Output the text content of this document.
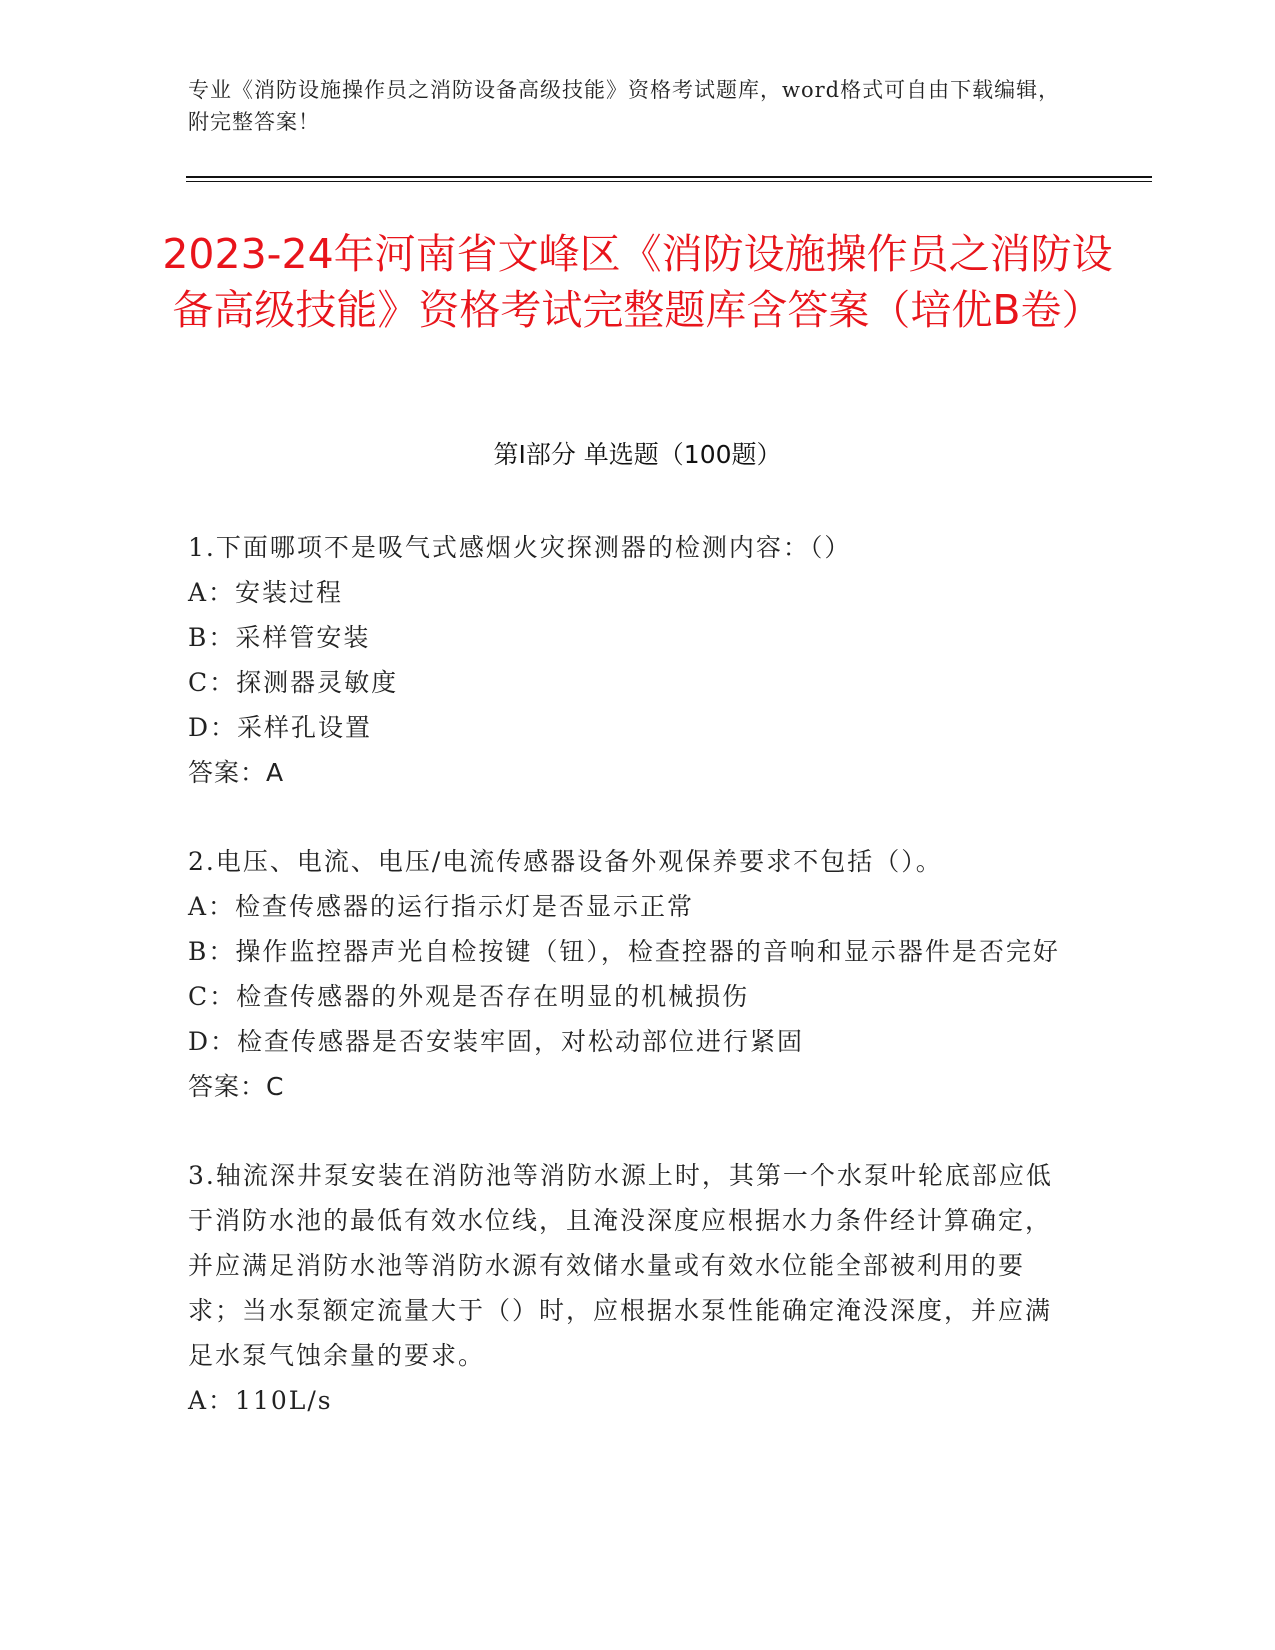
专业《消防设施操作员之消防设备高级技能》资格考试题库，word格式可自由下载编辑，附完整答案！
2023-24年河南省文峰区《消防设施操作员之消防设备高级技能》资格考试完整题库含答案（培优B卷）
第I部分 单选题（100题）

1.下面哪项不是吸气式感烟火灾探测器的检测内容：（）

A：安装过程

B：采样管安装

C：探测器灵敏度

D：采样孔设置

答案：A

2.电压、电流、电压/电流传感器设备外观保养要求不包括（）。

A：检查传感器的运行指示灯是否显示正常

B：操作监控器声光自检按键（钮），检查控器的音响和显示器件是否完好

C：检查传感器的外观是否存在明显的机械损伤

D：检查传感器是否安装牢固，对松动部位进行紧固

答案：C

3.轴流深井泵安装在消防池等消防水源上时，其第一个水泵叶轮底部应低于消防水池的最低有效水位线，且淹没深度应根据水力条件经计算确定，并应满足消防水池等消防水源有效储水量或有效水位能全部被利用的要求；当水泵额定流量大于（）时，应根据水泵性能确定淹没深度，并应满足水泵气蚀余量的要求。

A：110L/s
